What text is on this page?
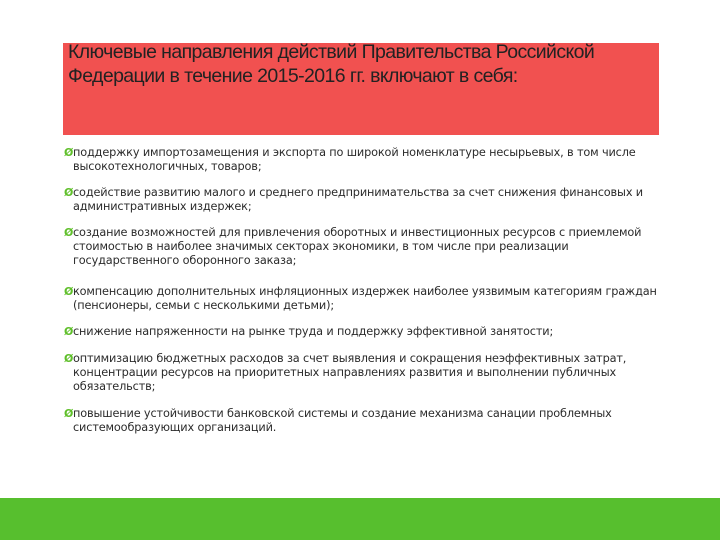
Ключевые направления действий Правительства Российской Федерации в течение 2015-2016 гг. включают в себя:
Øподдержку импортозамещения и экспорта по широкой номенклатуре несырьевых, в том числе высокотехнологичных, товаров;
Øсодействие развитию малого и среднего предпринимательства за счет снижения финансовых и административных издержек;
Øсоздание возможностей для привлечения оборотных и инвестиционных ресурсов с приемлемой стоимостью в наиболее значимых секторах экономики, в том числе при реализации государственного оборонного заказа;
Øкомпенсацию дополнительных инфляционных издержек наиболее уязвимым категориям граждан (пенсионеры, семьи с несколькими детьми);
Øснижение напряженности на рынке труда и поддержку эффективной занятости;
Øоптимизацию бюджетных расходов за счет выявления и сокращения неэффективных затрат, концентрации ресурсов на приоритетных направлениях развития и выполнении публичных обязательств;
Øповышение устойчивости банковской системы и создание механизма санации проблемных системообразующих организаций.
